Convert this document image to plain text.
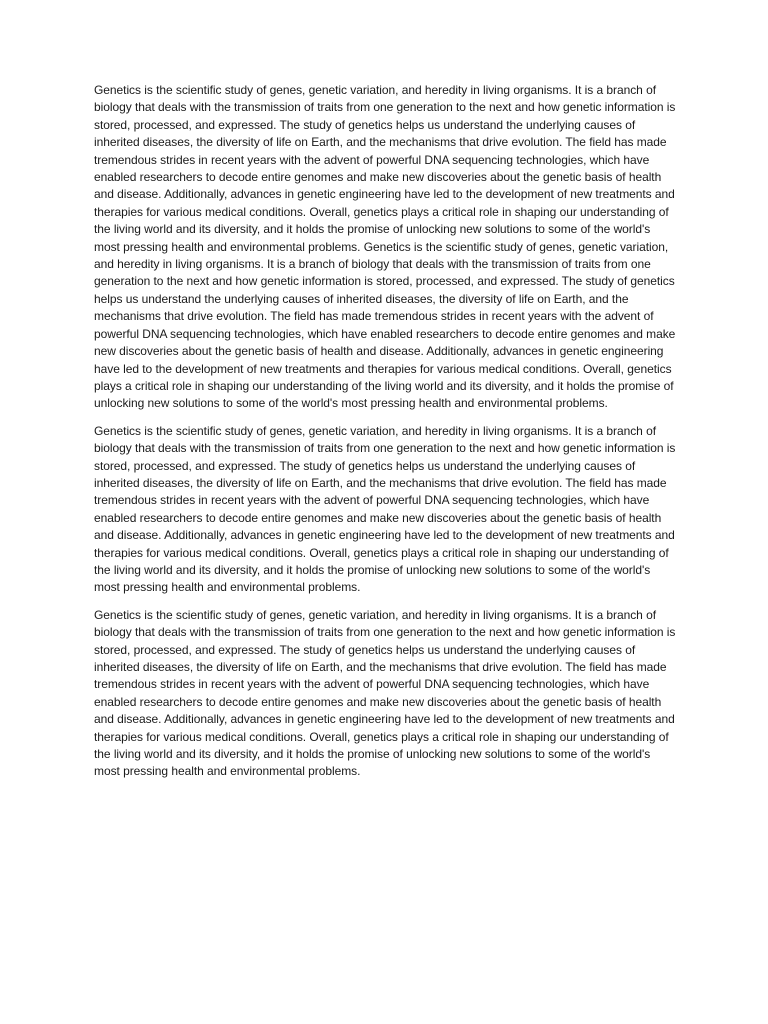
Genetics is the scientific study of genes, genetic variation, and heredity in living organisms. It is a branch of biology that deals with the transmission of traits from one generation to the next and how genetic information is stored, processed, and expressed. The study of genetics helps us understand the underlying causes of inherited diseases, the diversity of life on Earth, and the mechanisms that drive evolution. The field has made tremendous strides in recent years with the advent of powerful DNA sequencing technologies, which have enabled researchers to decode entire genomes and make new discoveries about the genetic basis of health and disease. Additionally, advances in genetic engineering have led to the development of new treatments and therapies for various medical conditions. Overall, genetics plays a critical role in shaping our understanding of the living world and its diversity, and it holds the promise of unlocking new solutions to some of the world's most pressing health and environmental problems. Genetics is the scientific study of genes, genetic variation, and heredity in living organisms. It is a branch of biology that deals with the transmission of traits from one generation to the next and how genetic information is stored, processed, and expressed. The study of genetics helps us understand the underlying causes of inherited diseases, the diversity of life on Earth, and the mechanisms that drive evolution. The field has made tremendous strides in recent years with the advent of powerful DNA sequencing technologies, which have enabled researchers to decode entire genomes and make new discoveries about the genetic basis of health and disease. Additionally, advances in genetic engineering have led to the development of new treatments and therapies for various medical conditions. Overall, genetics plays a critical role in shaping our understanding of the living world and its diversity, and it holds the promise of unlocking new solutions to some of the world's most pressing health and environmental problems.

Genetics is the scientific study of genes, genetic variation, and heredity in living organisms. It is a branch of biology that deals with the transmission of traits from one generation to the next and how genetic information is stored, processed, and expressed. The study of genetics helps us understand the underlying causes of inherited diseases, the diversity of life on Earth, and the mechanisms that drive evolution. The field has made tremendous strides in recent years with the advent of powerful DNA sequencing technologies, which have enabled researchers to decode entire genomes and make new discoveries about the genetic basis of health and disease. Additionally, advances in genetic engineering have led to the development of new treatments and therapies for various medical conditions. Overall, genetics plays a critical role in shaping our understanding of the living world and its diversity, and it holds the promise of unlocking new solutions to some of the world's most pressing health and environmental problems.

Genetics is the scientific study of genes, genetic variation, and heredity in living organisms. It is a branch of biology that deals with the transmission of traits from one generation to the next and how genetic information is stored, processed, and expressed. The study of genetics helps us understand the underlying causes of inherited diseases, the diversity of life on Earth, and the mechanisms that drive evolution. The field has made tremendous strides in recent years with the advent of powerful DNA sequencing technologies, which have enabled researchers to decode entire genomes and make new discoveries about the genetic basis of health and disease. Additionally, advances in genetic engineering have led to the development of new treatments and therapies for various medical conditions. Overall, genetics plays a critical role in shaping our understanding of the living world and its diversity, and it holds the promise of unlocking new solutions to some of the world's most pressing health and environmental problems.
